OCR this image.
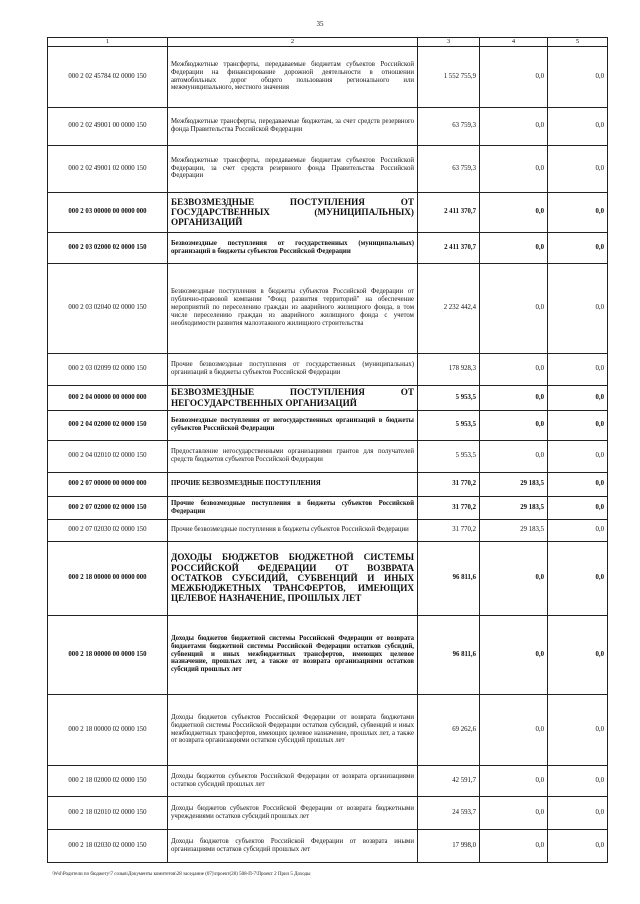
35
1	2	3	4	5
000 2 02 45784 02 0000 150	Межбюджетные трансферты, передаваемые бюджетам субъектов Российской Федерации на финансирование дорожной деятельности в отношении автомобильных дорог общего пользования регионального или межмуниципального, местного значения	1 552 755,9	0,0	0,0
000 2 02 49001 00 0000 150	Межбюджетные трансферты, передаваемые бюджетам, за счет средств резервного фонда Правительства Российской Федерации	63 759,3	0,0	0,0
000 2 02 49001 02 0000 150	Межбюджетные трансферты, передаваемые бюджетам субъектов Российской Федерации, за счет средств резервного фонда Правительства Российской Федерации	63 759,3	0,0	0,0
000 2 03 00000 00 0000 000	БЕЗВОЗМЕЗДНЫЕ ПОСТУПЛЕНИЯ ОТ ГОСУДАРСТВЕННЫХ (МУНИЦИПАЛЬНЫХ) ОРГАНИЗАЦИЙ	2 411 370,7	0,0	0,0
000 2 03 02000 02 0000 150	Безвозмездные поступления от государственных (муниципальных) организаций в бюджеты субъектов Российской Федерации	2 411 370,7	0,0	0,0
000 2 03 02040 02 0000 150	Безвозмездные поступления в бюджеты субъектов Российской Федерации от публично-правовой компании "Фонд развития территорий" на обеспечение мероприятий по переселению граждан из аварийного жилищного фонда, в том числе переселению граждан из аварийного жилищного фонда с учетом необходимости развития малоэтажного жилищного строительства	2 232 442,4	0,0	0,0
000 2 03 02099 02 0000 150	Прочие безвозмездные поступления от государственных (муниципальных) организаций в бюджеты субъектов Российской Федерации	178 928,3	0,0	0,0
000 2 04 00000 00 0000 000	БЕЗВОЗМЕЗДНЫЕ ПОСТУПЛЕНИЯ ОТ НЕГОСУДАРСТВЕННЫХ ОРГАНИЗАЦИЙ	5 953,5	0,0	0,0
000 2 04 02000 02 0000 150	Безвозмездные поступления от негосударственных организаций в бюджеты субъектов Российской Федерации	5 953,5	0,0	0,0
000 2 04 02010 02 0000 150	Предоставление негосударственными организациями грантов для получателей средств бюджетов субъектов Российской Федерации	5 953,5	0,0	0,0
000 2 07 00000 00 0000 000	ПРОЧИЕ БЕЗВОЗМЕЗДНЫЕ ПОСТУПЛЕНИЯ	31 770,2	29 183,5	0,0
000 2 07 02000 02 0000 150	Прочие безвозмездные поступления в бюджеты субъектов Российской Федерации	31 770,2	29 183,5	0,0
000 2 07 02030 02 0000 150	Прочие безвозмездные поступления в бюджеты субъектов Российской Федерации	31 770,2	29 183,5	0,0
000 2 18 00000 00 0000 000	ДОХОДЫ БЮДЖЕТОВ БЮДЖЕТНОЙ СИСТЕМЫ РОССИЙСКОЙ ФЕДЕРАЦИИ ОТ ВОЗВРАТА ОСТАТКОВ СУБСИДИЙ, СУБВЕНЦИЙ И ИНЫХ МЕЖБЮДЖЕТНЫХ ТРАНСФЕРТОВ, ИМЕЮЩИХ ЦЕЛЕВОЕ НАЗНАЧЕНИЕ, ПРОШЛЫХ ЛЕТ	96 811,6	0,0	0,0
000 2 18 00000 00 0000 150	Доходы бюджетов бюджетной системы Российской Федерации от возврата бюджетами бюджетной системы Российской Федерации остатков субсидий, субвенций и иных межбюджетных трансфертов, имеющих целевое назначение, прошлых лет, а также от возврата организациями остатков субсидий прошлых лет	96 811,6	0,0	0,0
000 2 18 00000 02 0000 150	Доходы бюджетов субъектов Российской Федерации от возврата бюджетами бюджетной системы Российской Федерации остатков субсидий, субвенций и иных межбюджетных трансфертов, имеющих целевое назначение, прошлых лет, а также от возврата организациями остатков субсидий прошлых лет	69 262,6	0,0	0,0
000 2 18 02000 02 0000 150	Доходы бюджетов субъектов Российской Федерации от возврата организациями остатков субсидий прошлых лет	42 591,7	0,0	0,0
000 2 18 02010 02 0000 150	Доходы бюджетов субъектов Российской Федерации от возврата бюджетными учреждениями остатков субсидий прошлых лет	24 593,7	0,0	0,0
000 2 18 02030 02 0000 150	Доходы бюджетов субъектов Российской Федерации от возврата иными организациями остатков субсидий прошлых лет	17 998,0	0,0	0,0
\Wsl\Родители по бюджету\7 созыв\Документы комитетов\28 заседание (07)\проект(28) 508-П-7\Проект 2 Прил 5 Доходы
